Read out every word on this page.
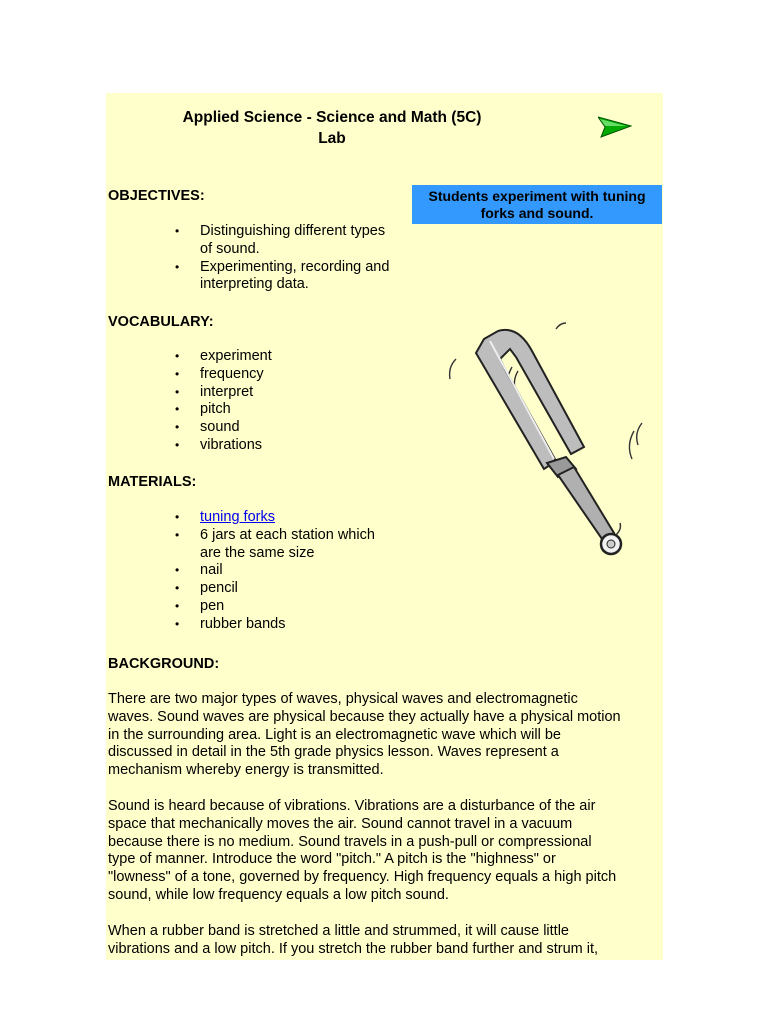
Applied Science - Science and Math (5C)
Lab
Students experiment with tuning
forks and sound.
OBJECTIVES:
• Distinguishing different types
of sound.
• Experimenting, recording and
interpreting data.
VOCABULARY:
• experiment
• frequency
• interpret
• pitch
• sound
• vibrations
MATERIALS:
• tuning forks
• 6 jars at each station which
are the same size
• nail
• pencil
• pen
• rubber bands
BACKGROUND:
There are two major types of waves, physical waves and electromagnetic
waves. Sound waves are physical because they actually have a physical motion
in the surrounding area. Light is an electromagnetic wave which will be
discussed in detail in the 5th grade physics lesson. Waves represent a
mechanism whereby energy is transmitted.
Sound is heard because of vibrations. Vibrations are a disturbance of the air
space that mechanically moves the air. Sound cannot travel in a vacuum
because there is no medium. Sound travels in a push-pull or compressional
type of manner. Introduce the word "pitch." A pitch is the "highness" or
"lowness" of a tone, governed by frequency. High frequency equals a high pitch
sound, while low frequency equals a low pitch sound.
When a rubber band is stretched a little and strummed, it will cause little
vibrations and a low pitch. If you stretch the rubber band further and strum it,
